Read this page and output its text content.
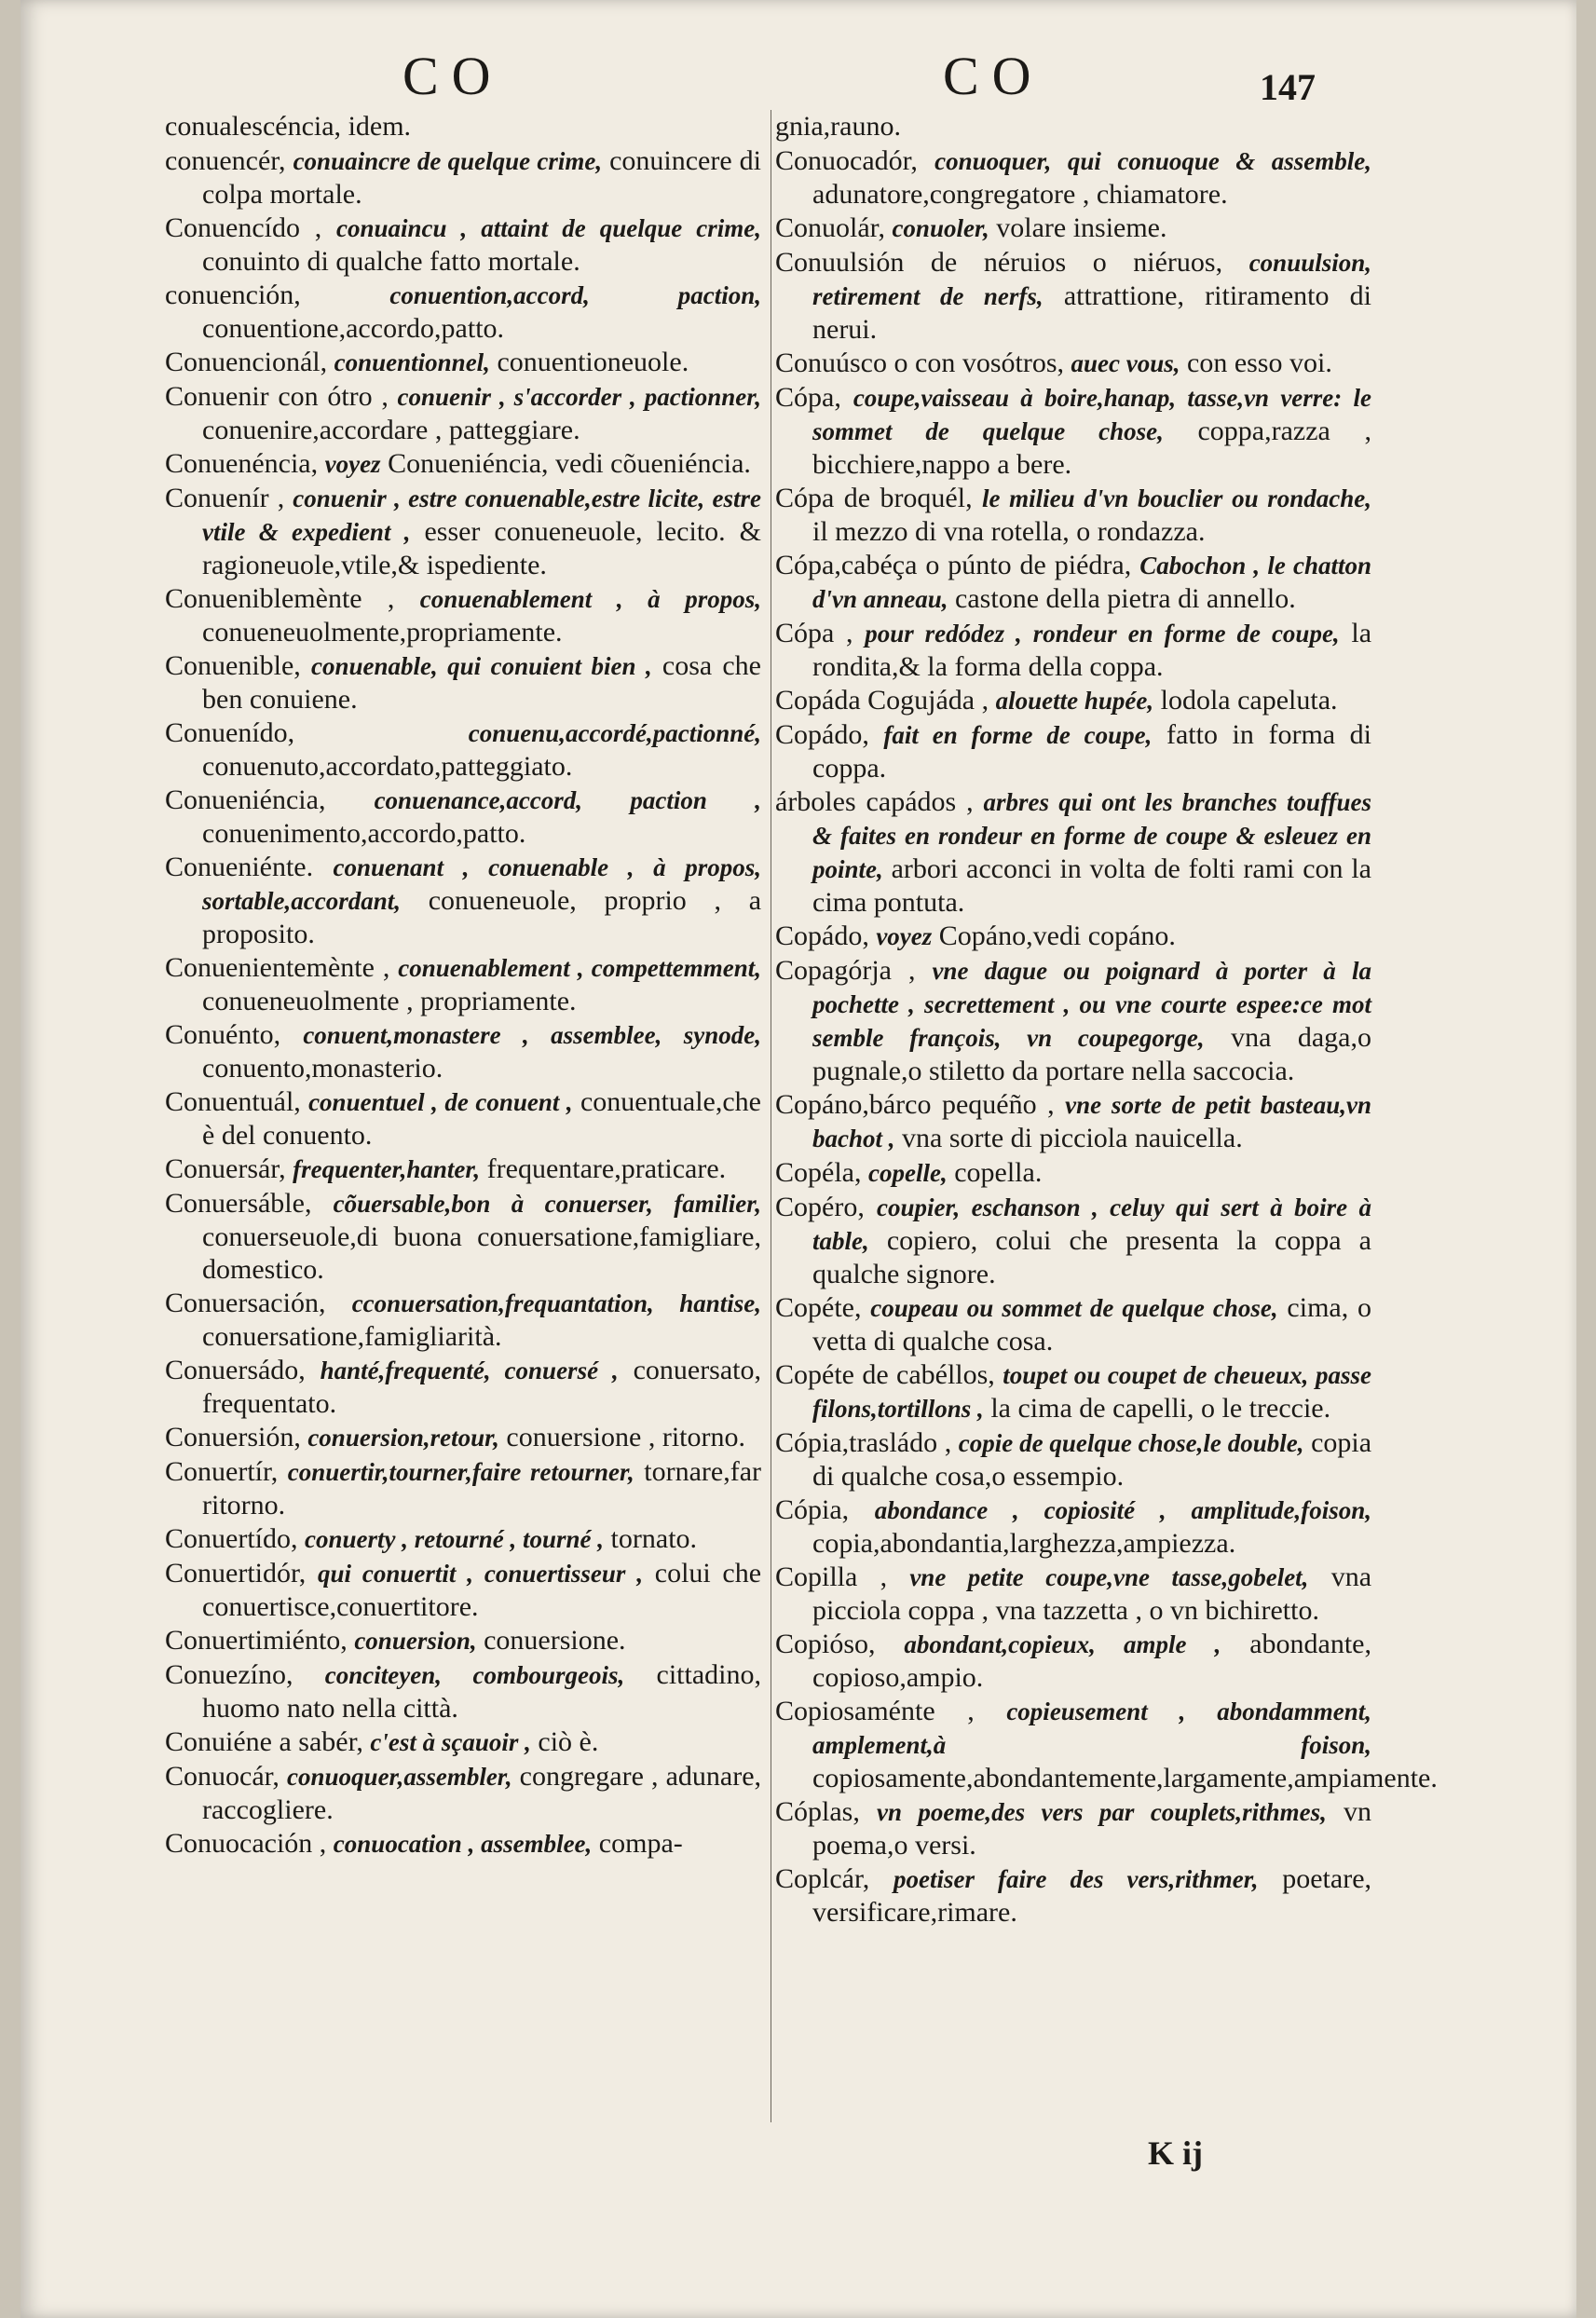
CO	CO	147

conualescéncia, idem.

conuencér, conuaincre de quelque crime, conuincere di colpa mortale.

Conuencído , conuaincu , attaint de quelque crime, conuinto di qualche fatto mortale.

conuención,	conuention,accord, paction, conuentione,accordo,patto.

Conuencionál, conuentionnel, conuentioneuole.

Conuenir con ótro , conuenir , s'accorder , pactionner, conuenire,accordare , patteggiare.

Conuenéncia, voyez Conueniéncia, vedi cõueniéncia.

Conuenír , conuenir , estre conuenable,estre licite, estre vtile & expedient , esser conueneuole, lecito. & ragioneuole,vtile,& ispediente.

Conueniblemènte , conuenablement , à propos, conueneuolmente,propriamente.

Conuenible, conuenable, qui conuient bien , cosa che ben conuiene.

Conuenído,	conuenu,accordé,pactionné, conuenuto,accordato,patteggiato.

Conueniéncia, conuenance,accord, paction , conuenimento,accordo,patto.

Conueniénte. conuenant , conuenable , à propos, sortable,accordant, conueneuole, proprio , a proposito.

Conuenientemènte , conuenablement , compettemment, conueneuolmente , propriamente.

Conuénto, conuent,monastere , assemblee, synode, conuento,monasterio.

Conuentuál, conuentuel , de conuent , conuentuale,che è del conuento.

Conuersár, frequenter,hanter, frequentare,praticare.

Conuersáble, cõuersable,bon à conuerser, familier, conuerseuole,di buona conuersatione,famigliare, domestico.

Conuersación, cconuersation,frequantation, hantise, conuersatione,famigliarità.

Conuersádo, hanté,frequenté, conuersé , conuersato, frequentato.

Conuersión, conuersion,retour, conuersione , ritorno.

Conuertír, conuertir,tourner,faire retourner, tornare,far ritorno.

Conuertído, conuerty , retourné , tourné , tornato.

Conuertidór, qui conuertit , conuertisseur , colui che conuertisce,conuertitore.

Conuertimiénto, conuersion, conuersione.

Conuezíno, conciteyen, combourgeois, cittadino, huomo nato nella città.

Conuiéne a sabér, c'est à sçauoir , ciò è.

Conuocár, conuoquer,assembler, congregare , adunare, raccogliere.

Conuocación , conuocation , assemblee, compa-

gnia,rauno.

Conuocadór, conuoquer, qui conuoque & assemble, adunatore,congregatore , chiamatore.

Conuolár, conuoler, volare insieme.

Conuulsión de néruios o niéruos, conuulsion, retirement de nerfs, attrattione, ritiramento di nerui.

Conuúsco o con vosótros, auec vous, con esso voi.

Cópa, coupe,vaisseau à boire,hanap, tasse,vn verre: le sommet de quelque chose, coppa,razza , bicchiere,nappo a bere.

Cópa de broquél, le milieu d'vn bouclier ou rondache, il mezzo di vna rotella, o rondazza.

Cópa,cabéça o púnto de piédra, Cabochon , le chatton d'vn anneau, castone della pietra di annello.

Cópa , pour redódez , rondeur en forme de coupe, la rondita,& la forma della coppa.

Copáda Cogujáda , alouette hupée, lodola capeluta.

Copádo, fait en forme de coupe, fatto in forma di coppa.

árboles capádos , arbres qui ont les branches touffues & faites en rondeur en forme de coupe & esleuez en pointe, arbori acconci in volta de folti rami con la cima pontuta.

Copádo, voyez Copáno,vedi copáno.

Copagórja , vne dague ou poignard à porter à la pochette , secrettement , ou vne courte espee:ce mot semble françois, vn coupegorge, vna daga,o pugnale,o stiletto da portare nella saccocia.

Copáno,bárco pequéño , vne sorte de petit basteau,vn bachot , vna sorte di picciola nauicella.

Copéla, copelle, copella.

Copéro, coupier, eschanson , celuy qui sert à boire à table, copiero, colui che presenta la coppa a qualche signore.

Copéte, coupeau ou sommet de quelque chose, cima, o vetta di qualche cosa.

Copéte de cabéllos, toupet ou coupet de cheueux, passe filons,tortillons , la cima de capelli, o le treccie.

Cópia,trasládo , copie de quelque chose,le double, copia di qualche cosa,o essempio.

Cópia, abondance , copiosité , amplitude,foison, copia,abondantia,larghezza,ampiezza.

Copilla , vne petite coupe,vne tasse,gobelet, vna picciola coppa , vna tazzetta , o vn bichiretto.

Copióso, abondant,copieux, ample , abondante, copioso,ampio.

Copiosaménte , copieusement , abondamment, amplement,à foison, copiosamente,abondantemente,largamente,ampiamente.

Cóplas, vn poeme,des vers par couplets,rithmes, vn poema,o versi.

Coplcár, poetiser faire des vers,rithmer, poetare, versificare,rimare.

K ij
